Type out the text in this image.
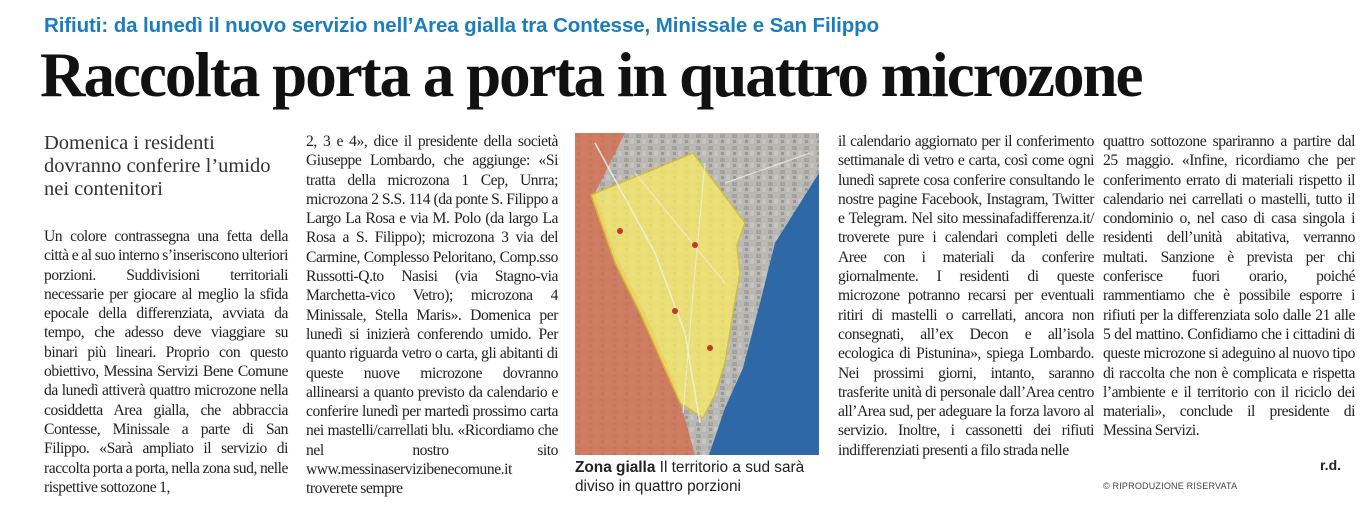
Rifiuti: da lunedì il nuovo servizio nell’Area gialla tra Contesse, Minissale e San Filippo
Raccolta porta a porta in quattro microzone
Domenica i residenti dovranno conferire l’umido nei contenitori

Un colore contrassegna una fetta della città e al suo interno s’inseriscono ulteriori porzioni. Suddivisioni territoriali necessarie per giocare al meglio la sfida epocale della differenziata, avviata da tempo, che adesso deve viaggiare su binari più lineari. Proprio con questo obiettivo, Messina Servizi Bene Comune da lunedì attiverà quattro microzone nella cosiddetta Area gialla, che abbraccia Contesse, Minissale a parte di San Filippo. «Sarà ampliato il servizio di raccolta porta a porta, nella zona sud, nelle rispettive sottozone 1,

2, 3 e 4», dice il presidente della società Giuseppe Lombardo, che aggiunge: «Si tratta della microzona 1 Cep, Unrra; microzona 2 S.S. 114 (da ponte S. Filippo a Largo La Rosa e via M. Polo (da largo La Rosa a S. Filippo); microzona 3 via del Carmine, Complesso Peloritano, Comp.sso Russotti-Q.to Nasisi (via Stagno-via Marchetta-vico Vetro); microzona 4 Minissale, Stella Maris». Domenica per lunedì si inizierà conferendo umido. Per quanto riguarda vetro o carta, gli abitanti di queste nuove microzone dovranno allinearsi a quanto previsto da calendario e conferire lunedì per martedì prossimo carta nei mastelli/carrellati blu. «Ricordiamo che nel nostro sito www.messinaservizibenecomune.it troverete sempre

Zona gialla Il territorio a sud sarà diviso in quattro porzioni

il calendario aggiornato per il conferimento settimanale di vetro e carta, così come ogni lunedì saprete cosa conferire consultando le nostre pagine Facebook, Instagram, Twitter e Telegram. Nel sito messinafadifferenza.it/ troverete pure i calendari completi delle Aree con i materiali da conferire giornalmente. I residenti di queste microzone potranno recarsi per eventuali ritiri di mastelli o carrellati, ancora non consegnati, all’ex Decon e all’isola ecologica di Pistunina», spiega Lombardo. Nei prossimi giorni, intanto, saranno trasferite unità di personale dall’Area centro all’Area sud, per adeguare la forza lavoro al servizio. Inoltre, i cassonetti dei rifiuti indifferenziati presenti a filo strada nelle

quattro sottozone spariranno a partire dal 25 maggio. «Infine, ricordiamo che per conferimento errato di materiali rispetto il calendario nei carrellati o mastelli, tutto il condominio o, nel caso di casa singola i residenti dell’unità abitativa, verranno multati. Sanzione è prevista per chi conferisce fuori orario, poiché rammentiamo che è possibile esporre i rifiuti per la differenziata solo dalle 21 alle 5 del mattino. Confidiamo che i cittadini di queste microzone si adeguino al nuovo tipo di raccolta che non è complicata e rispetta l’ambiente e il territorio con il riciclo dei materiali», conclude il presidente di Messina Servizi.

r.d.
© RIPRODUZIONE RISERVATA
